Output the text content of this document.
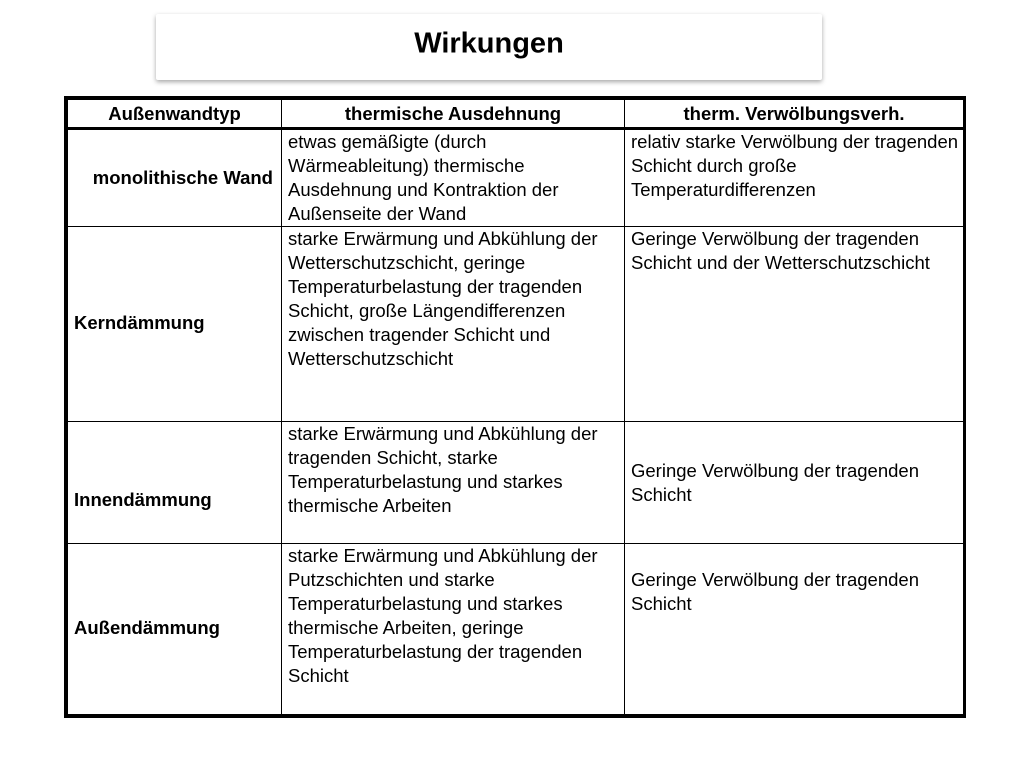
Wirkungen
Außenwandtyp	thermische Ausdehnung	therm. Verwölbungsverh.
monolithische Wand	etwas gemäßigte (durch Wärmeableitung) thermische Ausdehnung und Kontraktion der Außenseite der Wand	relativ starke Verwölbung der tragenden Schicht durch große Temperaturdifferenzen
Kerndämmung	starke Erwärmung und Abkühlung der Wetterschutzschicht, geringe Temperaturbelastung der tragenden Schicht, große Längendifferenzen zwischen tragender Schicht und Wetterschutzschicht	Geringe Verwölbung der tragenden Schicht und der Wetterschutzschicht
Innendämmung	starke Erwärmung und Abkühlung der tragenden Schicht, starke Temperaturbelastung und starkes thermische Arbeiten	Geringe Verwölbung der tragenden Schicht
Außendämmung	starke Erwärmung und Abkühlung der Putzschichten und starke Temperaturbelastung und starkes thermische Arbeiten, geringe Temperaturbelastung der tragenden Schicht	Geringe Verwölbung der tragenden Schicht
